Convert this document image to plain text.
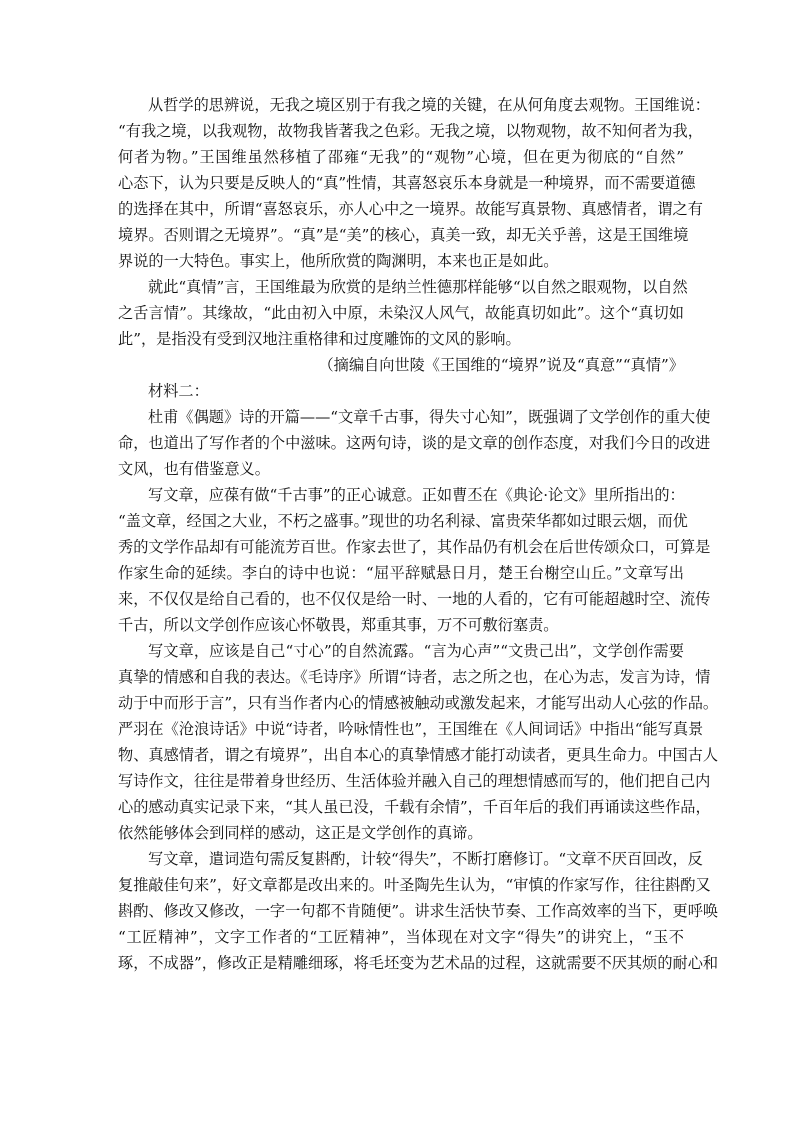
从哲学的思辨说，无我之境区别于有我之境的关键，在从何角度去观物。王国维说：
“有我之境，以我观物，故物我皆著我之色彩。无我之境，以物观物，故不知何者为我，
何者为物。”王国维虽然移植了邵雍“无我”的“观物”心境，但在更为彻底的“自然”
心态下，认为只要是反映人的“真”性情，其喜怒哀乐本身就是一种境界，而不需要道德
的选择在其中，所谓“喜怒哀乐，亦人心中之一境界。故能写真景物、真感情者，谓之有
境界。否则谓之无境界”。“真”是“美”的核心，真美一致，却无关乎善，这是王国维境
界说的一大特色。事实上，他所欣赏的陶渊明，本来也正是如此。
就此“真情”言，王国维最为欣赏的是纳兰性德那样能够“以自然之眼观物，以自然
之舌言情”。其缘故，“此由初入中原，未染汉人风气，故能真切如此”。这个“真切如
此”，是指没有受到汉地注重格律和过度雕饰的文风的影响。
（摘编自向世陵《王国维的“境界”说及“真意”“真情”》
材料二：
杜甫《偶题》诗的开篇——“文章千古事，得失寸心知”，既强调了文学创作的重大使
命，也道出了写作者的个中滋味。这两句诗，谈的是文章的创作态度，对我们今日的改进
文风，也有借鉴意义。
写文章，应葆有做“千古事”的正心诚意。正如曹丕在《典论·论文》里所指出的：
“盖文章，经国之大业，不朽之盛事。”现世的功名利禄、富贵荣华都如过眼云烟，而优
秀的文学作品却有可能流芳百世。作家去世了，其作品仍有机会在后世传颂众口，可算是
作家生命的延续。李白的诗中也说：“屈平辞赋悬日月，楚王台榭空山丘。”文章写出
来，不仅仅是给自己看的，也不仅仅是给一时、一地的人看的，它有可能超越时空、流传
千古，所以文学创作应该心怀敬畏，郑重其事，万不可敷衍塞责。
写文章，应该是自己“寸心”的自然流露。“言为心声”“文贵己出”，文学创作需要
真挚的情感和自我的表达。《毛诗序》所谓“诗者，志之所之也，在心为志，发言为诗，情
动于中而形于言”，只有当作者内心的情感被触动或激发起来，才能写出动人心弦的作品。
严羽在《沧浪诗话》中说“诗者，吟咏情性也”，王国维在《人间词话》中指出“能写真景
物、真感情者，谓之有境界”，出自本心的真挚情感才能打动读者，更具生命力。中国古人
写诗作文，往往是带着身世经历、生活体验并融入自己的理想情感而写的，他们把自己内
心的感动真实记录下来，“其人虽已没，千载有余情”，千百年后的我们再诵读这些作品，
依然能够体会到同样的感动，这正是文学创作的真谛。
写文章，遣词造句需反复斟酌，计较“得失”，不断打磨修订。“文章不厌百回改，反
复推敲佳句来”，好文章都是改出来的。叶圣陶先生认为，“审慎的作家写作，往往斟酌又
斟酌、修改又修改，一字一句都不肯随便”。讲求生活快节奏、工作高效率的当下，更呼唤
“工匠精神”，文字工作者的“工匠精神”，当体现在对文字“得失”的讲究上，“玉不
琢，不成器”，修改正是精雕细琢，将毛坯变为艺术品的过程，这就需要不厌其烦的耐心和
